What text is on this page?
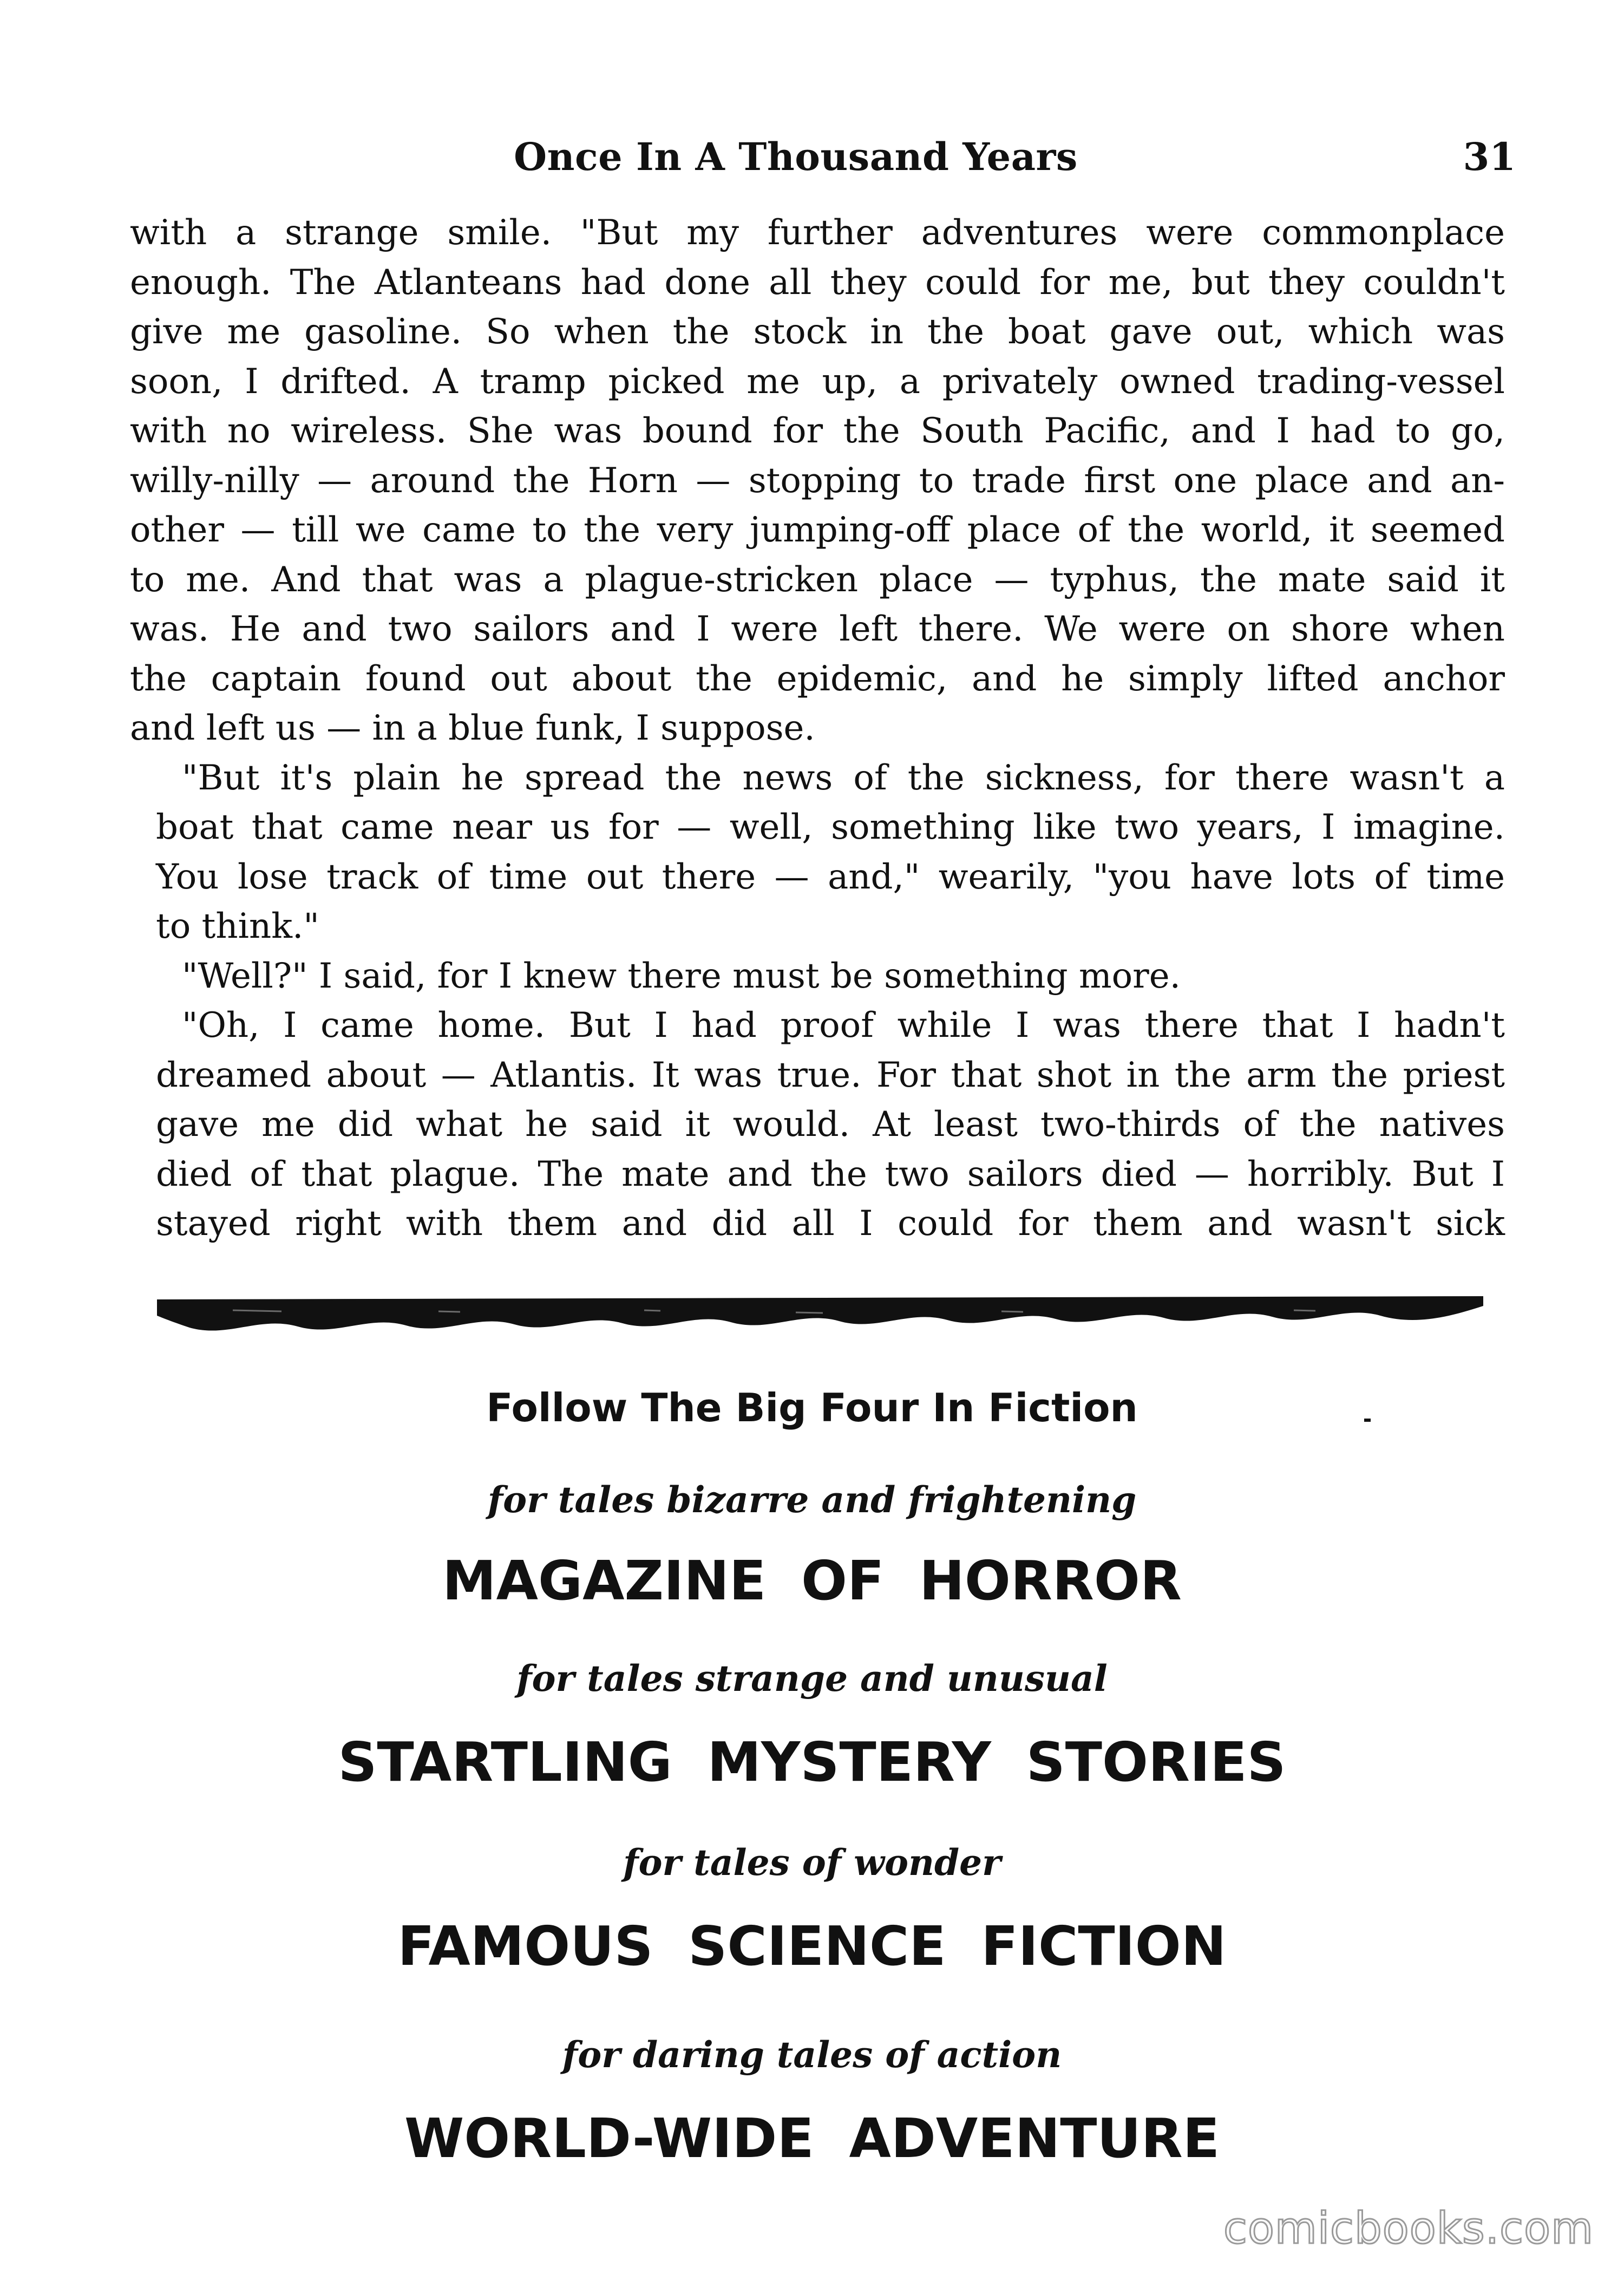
Once In A Thousand Years	31
with a strange smile. "But my further adventures were commonplace
enough. The Atlanteans had done all they could for me, but they couldn't
give me gasoline. So when the stock in the boat gave out, which was
soon, I drifted. A tramp picked me up, a privately owned trading-vessel
with no wireless. She was bound for the South Pacific, and I had to go,
willy-nilly — around the Horn — stopping to trade first one place and an-
other — till we came to the very jumping-off place of the world, it seemed
to me. And that was a plague-stricken place — typhus, the mate said it
was. He and two sailors and I were left there. We were on shore when
the captain found out about the epidemic, and he simply lifted anchor
and left us — in a blue funk, I suppose.
"But it's plain he spread the news of the sickness, for there wasn't a
boat that came near us for — well, something like two years, I imagine.
You lose track of time out there — and," wearily, "you have lots of time
to think."
"Well?" I said, for I knew there must be something more.
"Oh, I came home. But I had proof while I was there that I hadn't
dreamed about — Atlantis. It was true. For that shot in the arm the priest
gave me did what he said it would. At least two-thirds of the natives
died of that plague. The mate and the two sailors died — horribly. But I
stayed right with them and did all I could for them and wasn't sick
Follow The Big Four In Fiction
for tales bizarre and frightening
MAGAZINE OF HORROR
for tales strange and unusual
STARTLING MYSTERY STORIES
for tales of wonder
FAMOUS SCIENCE FICTION
for daring tales of action
WORLD-WIDE ADVENTURE
comicbooks.com
